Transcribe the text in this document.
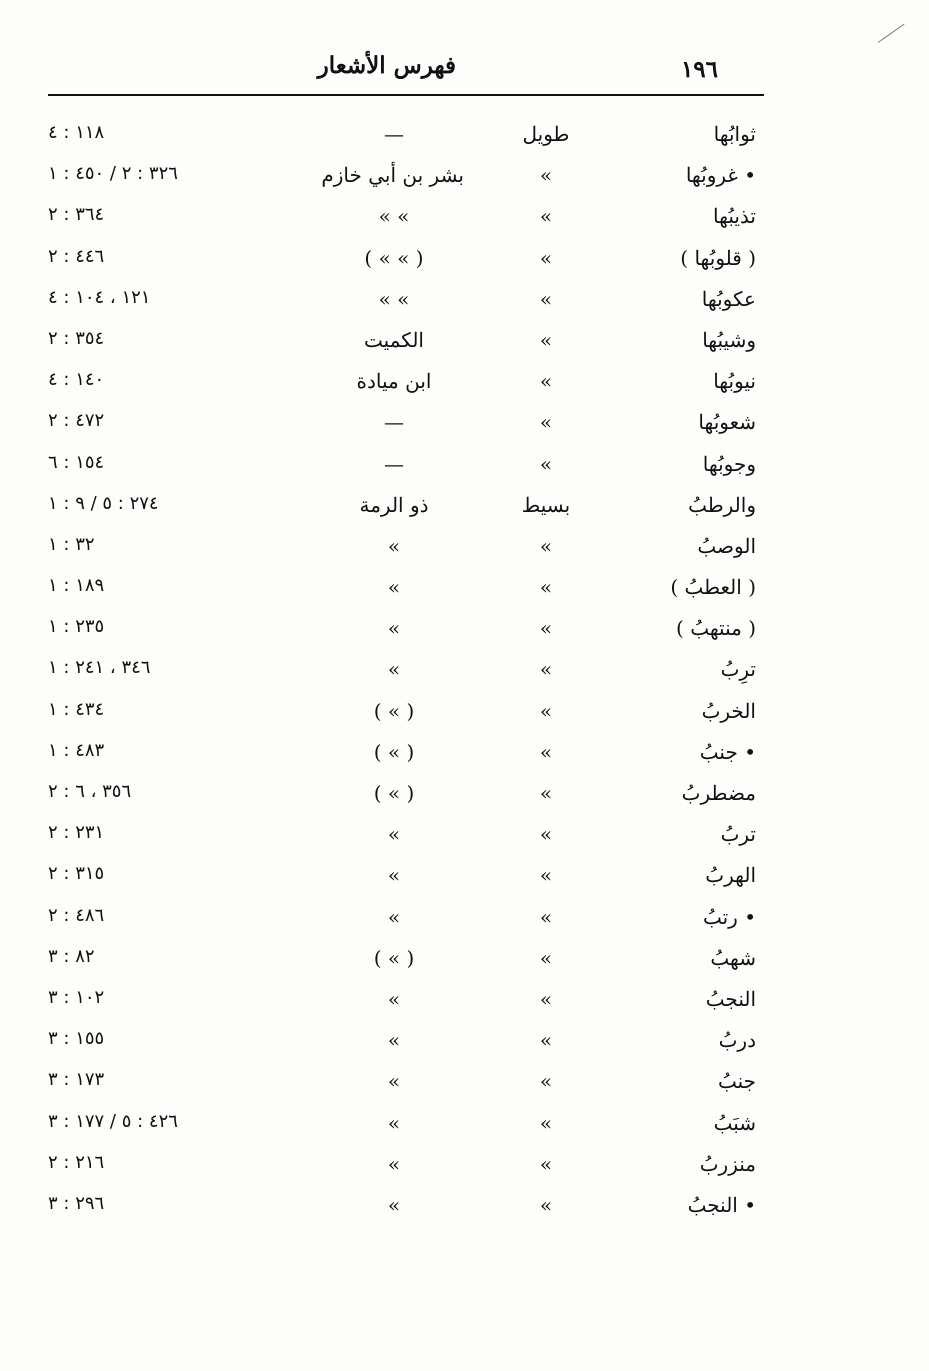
١٩٦
فهرس الأشعار
ثوابُها
طويل
—
١١٨ : ٤
• غروبُها
»
بشر بن أبي خازم
٣٢٦ : ٢ / ٤٥٠ : ١
تذيبُها
»
» »
٣٦٤ : ٢
( قلوبُها )
»
( » » )
٤٤٦ : ٢
عكوبُها
»
» »
١٢١ ، ١٠٤ : ٤
وشيبُها
»
الكميت
٣٥٤ : ٢
نيوبُها
»
ابن ميادة
١٤٠ : ٤
شعوبُها
»
—
٤٧٢ : ٢
وجوبُها
»
—
١٥٤ : ٦
والرطبُ
بسيط
ذو الرمة
٢٧٤ : ٥ / ٩ : ١
الوصبُ
»
»
٣٢ : ١
( العطبُ )
»
»
١٨٩ : ١
( منتهبُ )
»
»
٢٣٥ : ١
ترِبُ
»
»
٣٤٦ ، ٢٤١ : ١
الخربُ
»
( » )
٤٣٤ : ١
• جنبُ
»
( » )
٤٨٣ : ١
مضطربُ
»
( » )
٣٥٦ ، ٦ : ٢
تربُ
»
»
٢٣١ : ٢
الهربُ
»
»
٣١٥ : ٢
• رتبُ
»
»
٤٨٦ : ٢
شهبُ
»
( » )
٨٢ : ٣
النجبُ
»
»
١٠٢ : ٣
دربُ
»
»
١٥٥ : ٣
جنبُ
»
»
١٧٣ : ٣
شبَبُ
»
»
٤٢٦ : ٥ / ١٧٧ : ٣
منزربُ
»
»
٢١٦ : ٢
• النجبُ
»
»
٢٩٦ : ٣
